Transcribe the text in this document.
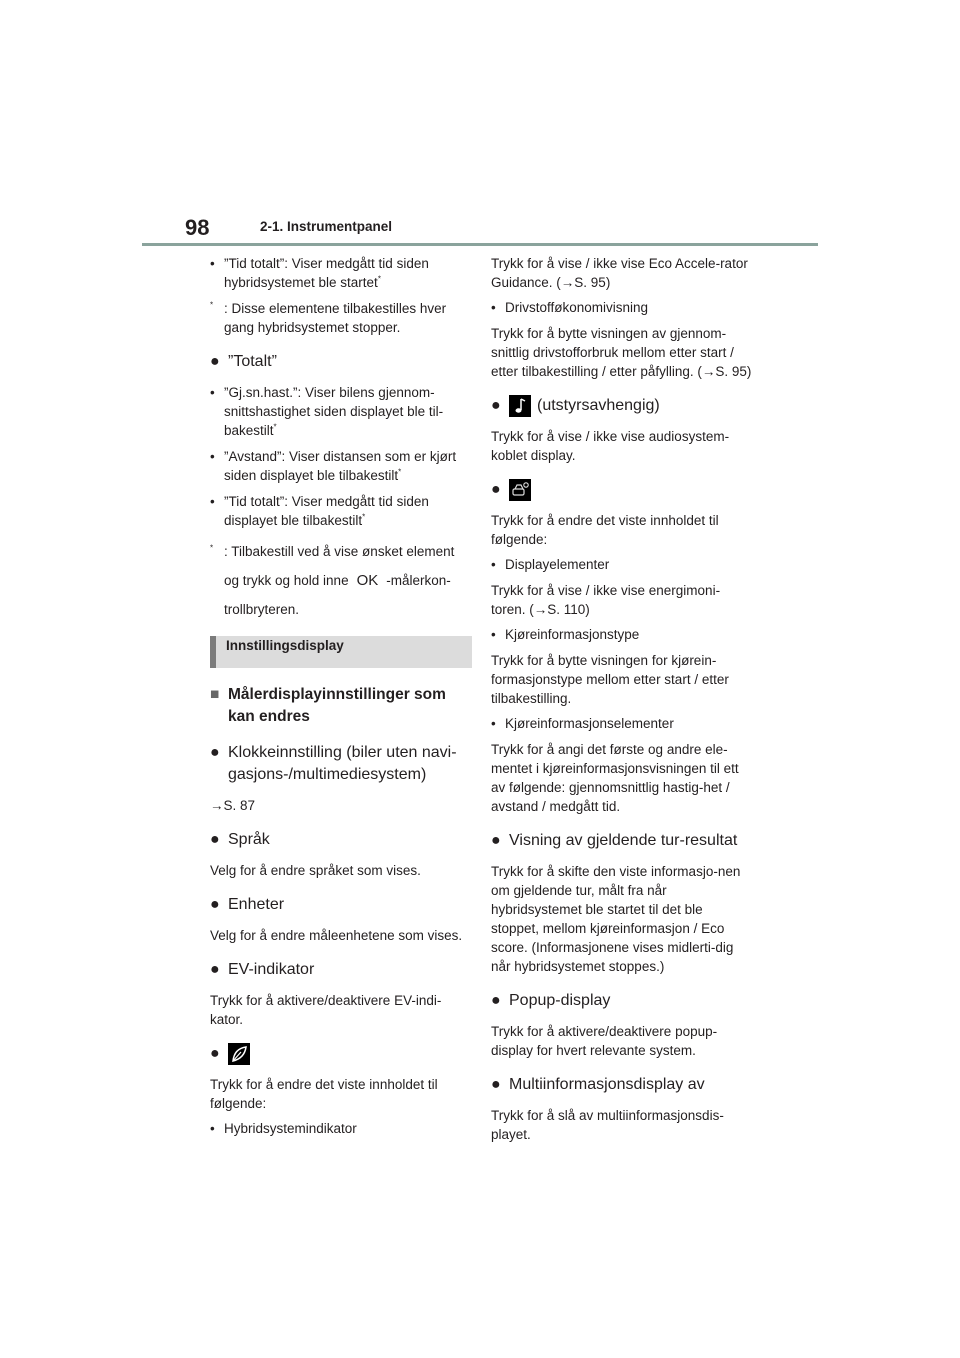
98	2-1. Instrumentpanel
• ”Tid totalt”: Viser medgått tid siden hybridsystemet ble startet*
* : Disse elementene tilbakestilles hver gang hybridsystemet stopper.
● ”Totalt”
• ”Gj.sn.hast.”: Viser bilens gjennom-snittshastighet siden displayet ble til-bakestilt*
• ”Avstand”: Viser distansen som er kjørt siden displayet ble tilbakestilt*
• ”Tid totalt”: Viser medgått tid siden displayet ble tilbakestilt*
* : Tilbakestill ved å vise ønsket element og trykk og hold inne OK -målerkon-trollbryteren.
Innstillingsdisplay
■ Målerdisplayinnstillinger som kan endres
● Klokkeinnstilling (biler uten navi-gasjons-/multimediesystem)
→S. 87
● Språk
Velg for å endre språket som vises.
● Enheter
Velg for å endre måleenhetene som vises.
● EV-indikator
Trykk for å aktivere/deaktivere EV-indi-kator.
●
Trykk for å endre det viste innholdet til følgende:
• Hybridsystemindikator
Trykk for å vise / ikke vise Eco Accele-rator Guidance. (→S. 95)
• Drivstofføkonomivisning
Trykk for å bytte visningen av gjennom-snittlig drivstofforbruk mellom etter start / etter tilbakestilling / etter påfylling. (→S. 95)
● (utstyrsavhengig)
Trykk for å vise / ikke vise audiosystem-koblet display.
●
Trykk for å endre det viste innholdet til følgende:
• Displayelementer
Trykk for å vise / ikke vise energimoni-toren. (→S. 110)
• Kjøreinformasjonstype
Trykk for å bytte visningen for kjørein-formasjonstype mellom etter start / etter tilbakestilling.
• Kjøreinformasjonselementer
Trykk for å angi det første og andre ele-mentet i kjøreinformasjonsvisningen til ett av følgende: gjennomsnittlig hastig-het / avstand / medgått tid.
● Visning av gjeldende tur-resultat
Trykk for å skifte den viste informasjo-nen om gjeldende tur, målt fra når hybridsystemet ble startet til det ble stoppet, mellom kjøreinformasjon / Eco score. (Informasjonene vises midlerti-dig når hybridsystemet stoppes.)
● Popup-display
Trykk for å aktivere/deaktivere popup-display for hvert relevante system.
● Multiinformasjonsdisplay av
Trykk for å slå av multiinformasjonsdis-playet.
